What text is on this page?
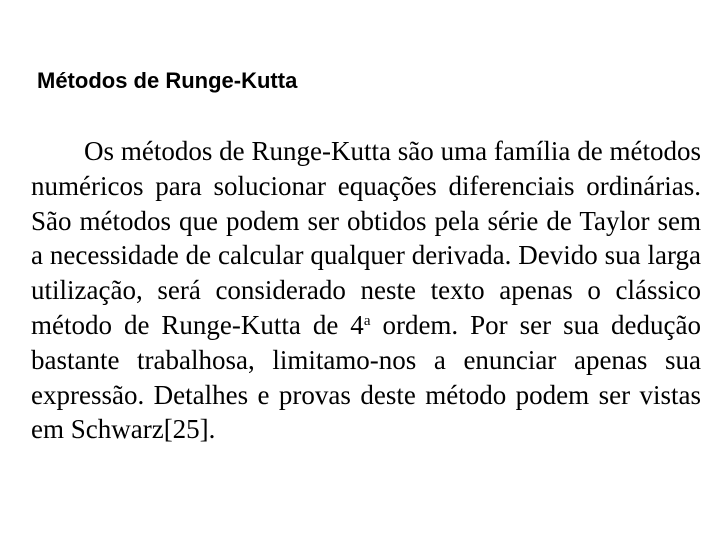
Métodos de Runge-Kutta

Os métodos de Runge-Kutta são uma família de métodos numéricos para solucionar equações diferenciais ordinárias. São métodos que podem ser obtidos pela série de Taylor sem a necessidade de calcular qualquer derivada. Devido sua larga utilização, será considerado neste texto apenas o clássico método de Runge-Kutta de 4$^a$ ordem. Por ser sua dedução bastante trabalhosa, limitamo-nos a enunciar apenas sua expressão. Detalhes e provas deste método podem ser vistas em Schwarz[25].
